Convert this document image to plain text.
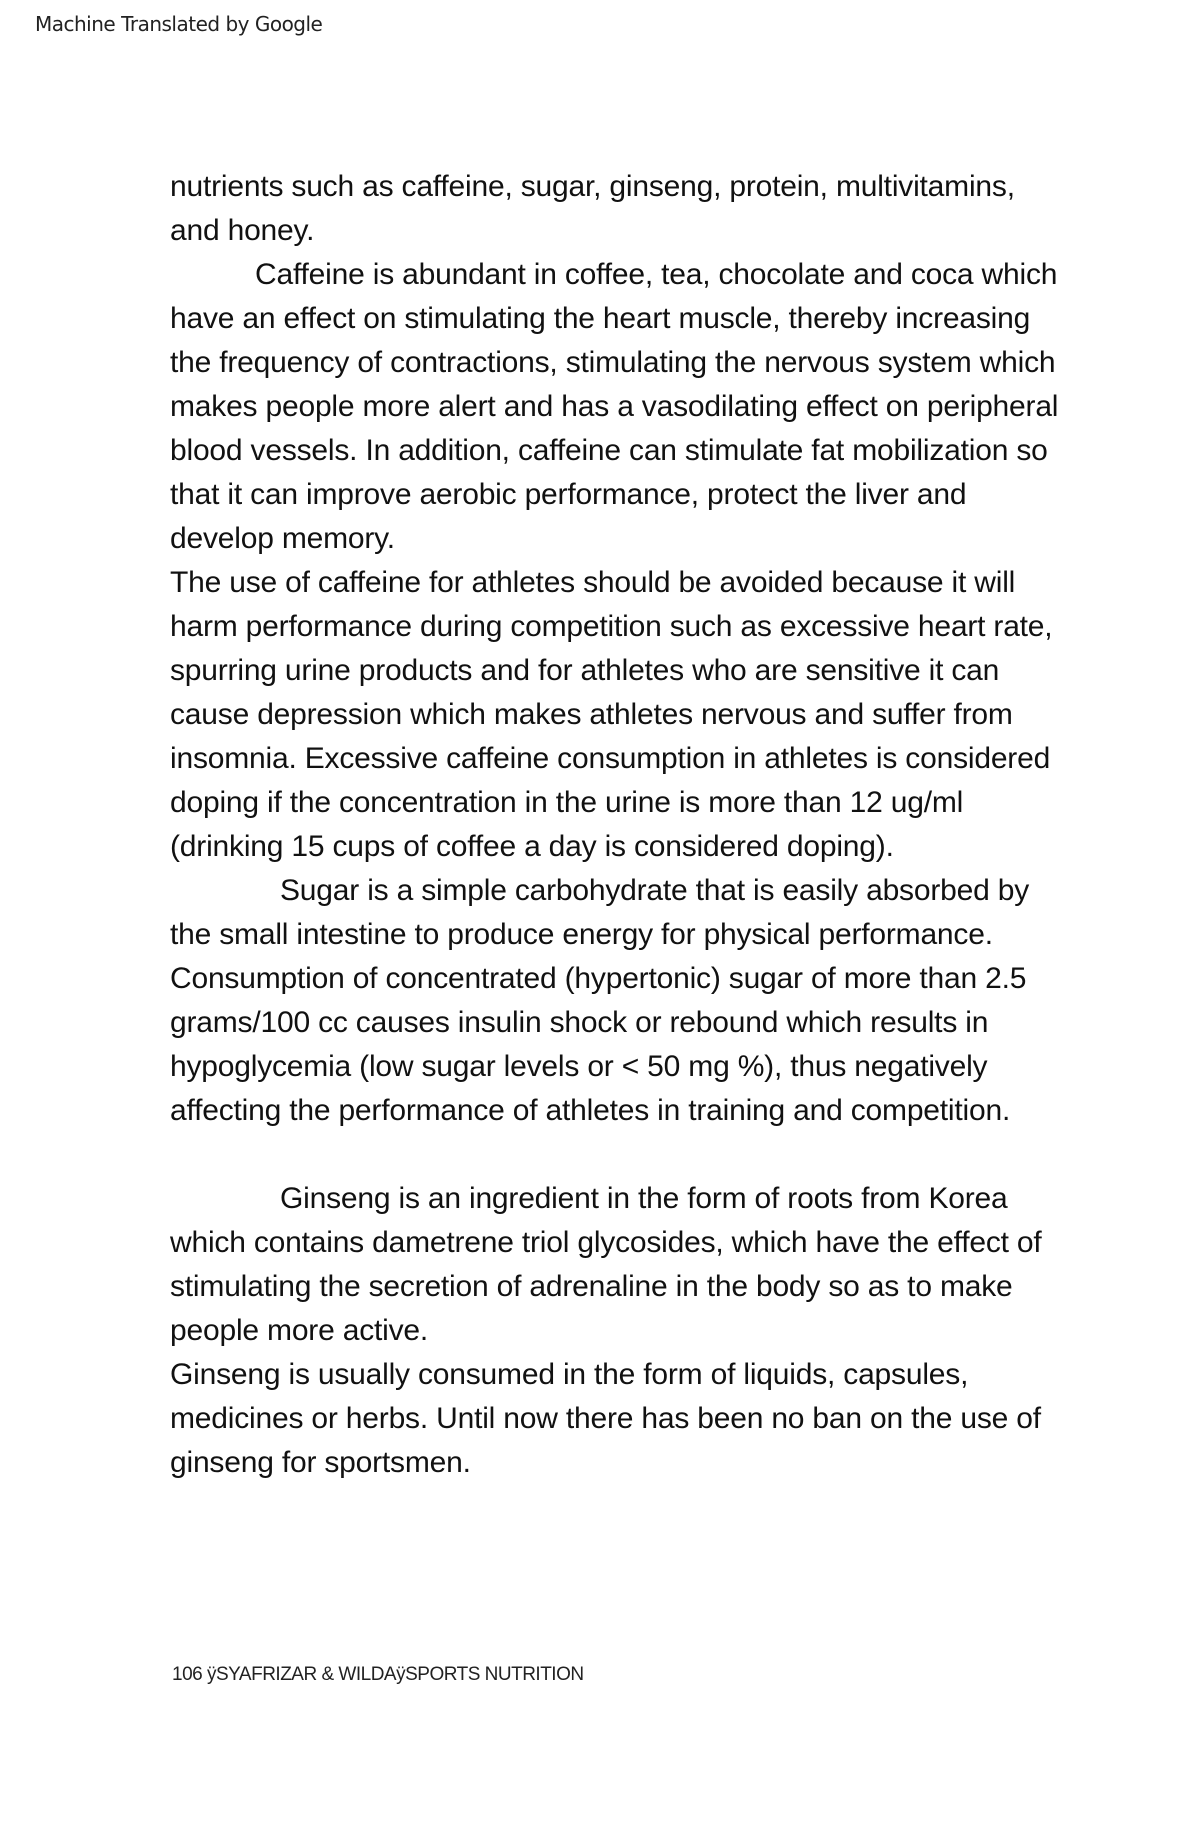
Machine Translated by Google

nutrients such as caffeine, sugar, ginseng, protein, multivitamins, and honey.

Caffeine is abundant in coffee, tea, chocolate and coca which have an effect on stimulating the heart muscle, thereby increasing the frequency of contractions, stimulating the nervous system which makes people more alert and has a vasodilating effect on peripheral blood vessels. In addition, caffeine can stimulate fat mobilization so that it can improve aerobic performance, protect the liver and develop memory.

The use of caffeine for athletes should be avoided because it will harm performance during competition such as excessive heart rate, spurring urine products and for athletes who are sensitive it can cause depression which makes athletes nervous and suffer from insomnia. Excessive caffeine consumption in athletes is considered doping if the concentration in the urine is more than 12 ug/ml (drinking 15 cups of coffee a day is considered doping).

Sugar is a simple carbohydrate that is easily absorbed by the small intestine to produce energy for physical performance. Consumption of concentrated (hypertonic) sugar of more than 2.5 grams/100 cc causes insulin shock or rebound which results in hypoglycemia (low sugar levels or < 50 mg %), thus negatively affecting the performance of athletes in training and competition.

Ginseng is an ingredient in the form of roots from Korea which contains dametrene triol glycosides, which have the effect of stimulating the secretion of adrenaline in the body so as to make people more active.

Ginseng is usually consumed in the form of liquids, capsules, medicines or herbs. Until now there has been no ban on the use of ginseng for sportsmen.

106 ÿSYAFRIZAR & WILDAÿSPORTS NUTRITION
